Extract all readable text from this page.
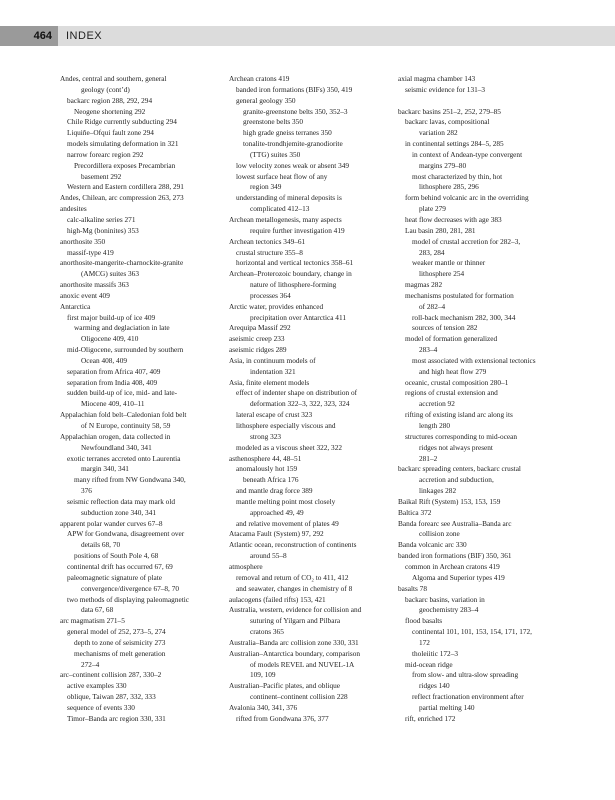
464	INDEX
Andes, central and southern, general
geology (cont’d)
backarc region 288, 292, 294
Neogene shortening 292
Chile Ridge currently subducting 294
Liquiñe–Ofqui fault zone 294
models simulating deformation in 321
narrow forearc region 292
Precordillera exposes Precambrian
basement 292
Western and Eastern cordillera 288, 291
Andes, Chilean, arc compression 263, 273
andesites
calc-alkaline series 271
high-Mg (boninites) 353
anorthosite 350
massif-type 419
anorthosite-mangerite-charnockite-granite
(AMCG) suites 363
anorthosite massifs 363
anoxic event 409
Antarctica
first major build-up of ice 409
warming and deglaciation in late
Oligocene 409, 410
mid-Oligocene, surrounded by southern
Ocean 408, 409
separation from Africa 407, 409
separation from India 408, 409
sudden build-up of ice, mid- and late-
Miocene 409, 410–11
Appalachian fold belt–Caledonian fold belt
of N Europe, continuity 58, 59
Appalachian orogen, data collected in
Newfoundland 340, 341
exotic terranes accreted onto Laurentia
margin 340, 341
many rifted from NW Gondwana 340,
376
seismic reflection data may mark old
subduction zone 340, 341
apparent polar wander curves 67–8
APW for Gondwana, disagreement over
details 68, 70
positions of South Pole 4, 68
continental drift has occurred 67, 69
paleomagnetic signature of plate
convergence/divergence 67–8, 70
two methods of displaying paleomagnetic
data 67, 68
arc magmatism 271–5
general model of 252, 273–5, 274
depth to zone of seismicity 273
mechanisms of melt generation
272–4
arc–continent collision 287, 330–2
active examples 330
oblique, Taiwan 287, 332, 333
sequence of events 330
Timor–Banda arc region 330, 331
Archean cratons 419
banded iron formations (BIFs) 350, 419
general geology 350
granite-greenstone belts 350, 352–3
greenstone belts 350
high grade gneiss terranes 350
tonalite-trondhjemite-granodiorite
(TTG) suites 350
low velocity zones weak or absent 349
lowest surface heat flow of any
region 349
understanding of mineral deposits is
complicated 412–13
Archean metallogenesis, many aspects
require further investigation 419
Archean tectonics 349–61
crustal structure 355–8
horizontal and vertical tectonics 358–61
Archean–Proterozoic boundary, change in
nature of lithosphere-forming
processes 364
Arctic water, provides enhanced
precipitation over Antarctica 411
Arequipa Massif 292
aseismic creep 233
aseismic ridges 289
Asia, in continuum models of
indentation 321
Asia, finite element models
effect of indenter shape on distribution of
deformation 322–3, 322, 323, 324
lateral escape of crust 323
lithosphere especially viscous and
strong 323
modeled as a viscous sheet 322, 322
asthenosphere 44, 48–51
anomalously hot 159
beneath Africa 176
and mantle drag force 389
mantle melting point most closely
approached 49, 49
and relative movement of plates 49
Atacama Fault (System) 97, 292
Atlantic ocean, reconstruction of continents
around 55–8
atmosphere
removal and return of CO₂ to 411, 412
and seawater, changes in chemistry of 8
aulacogens (failed rifts) 153, 421
Australia, western, evidence for collision and
suturing of Yilgarn and Pilbara
cratons 365
Australia–Banda arc collision zone 330, 331
Australian–Antarctica boundary, comparison
of models REVEL and NUVEL-1A
109, 109
Australian–Pacific plates, and oblique
continent–continent collision 228
Avalonia 340, 341, 376
rifted from Gondwana 376, 377
axial magma chamber 143
seismic evidence for 131–3
backarc basins 251–2, 252, 279–85
backarc lavas, compositional
variation 282
in continental settings 284–5, 285
in context of Andean-type convergent
margins 279–80
most characterized by thin, hot
lithosphere 285, 296
form behind volcanic arc in the overriding
plate 279
heat flow decreases with age 383
Lau basin 280, 281, 281
model of crustal accretion for 282–3,
283, 284
weaker mantle or thinner
lithosphere 254
magmas 282
mechanisms postulated for formation
of 282–4
roll-back mechanism 282, 300, 344
sources of tension 282
model of formation generalized
283–4
most associated with extensional tectonics
and high heat flow 279
oceanic, crustal composition 280–1
regions of crustal extension and
accretion 92
rifting of existing island arc along its
length 280
structures corresponding to mid-ocean
ridges not always present
281–2
backarc spreading centers, backarc crustal
accretion and subduction,
linkages 282
Baikal Rift (System) 153, 153, 159
Baltica 372
Banda forearc see Australia–Banda arc
collision zone
Banda volcanic arc 330
banded iron formations (BIF) 350, 361
common in Archean cratons 419
Algoma and Superior types 419
basalts 78
backarc basins, variation in
geochemistry 283–4
flood basalts
continental 101, 101, 153, 154, 171, 172,
172
tholeiitic 172–3
mid-ocean ridge
from slow- and ultra-slow spreading
ridges 140
reflect fractionation environment after
partial melting 140
rift, enriched 172
